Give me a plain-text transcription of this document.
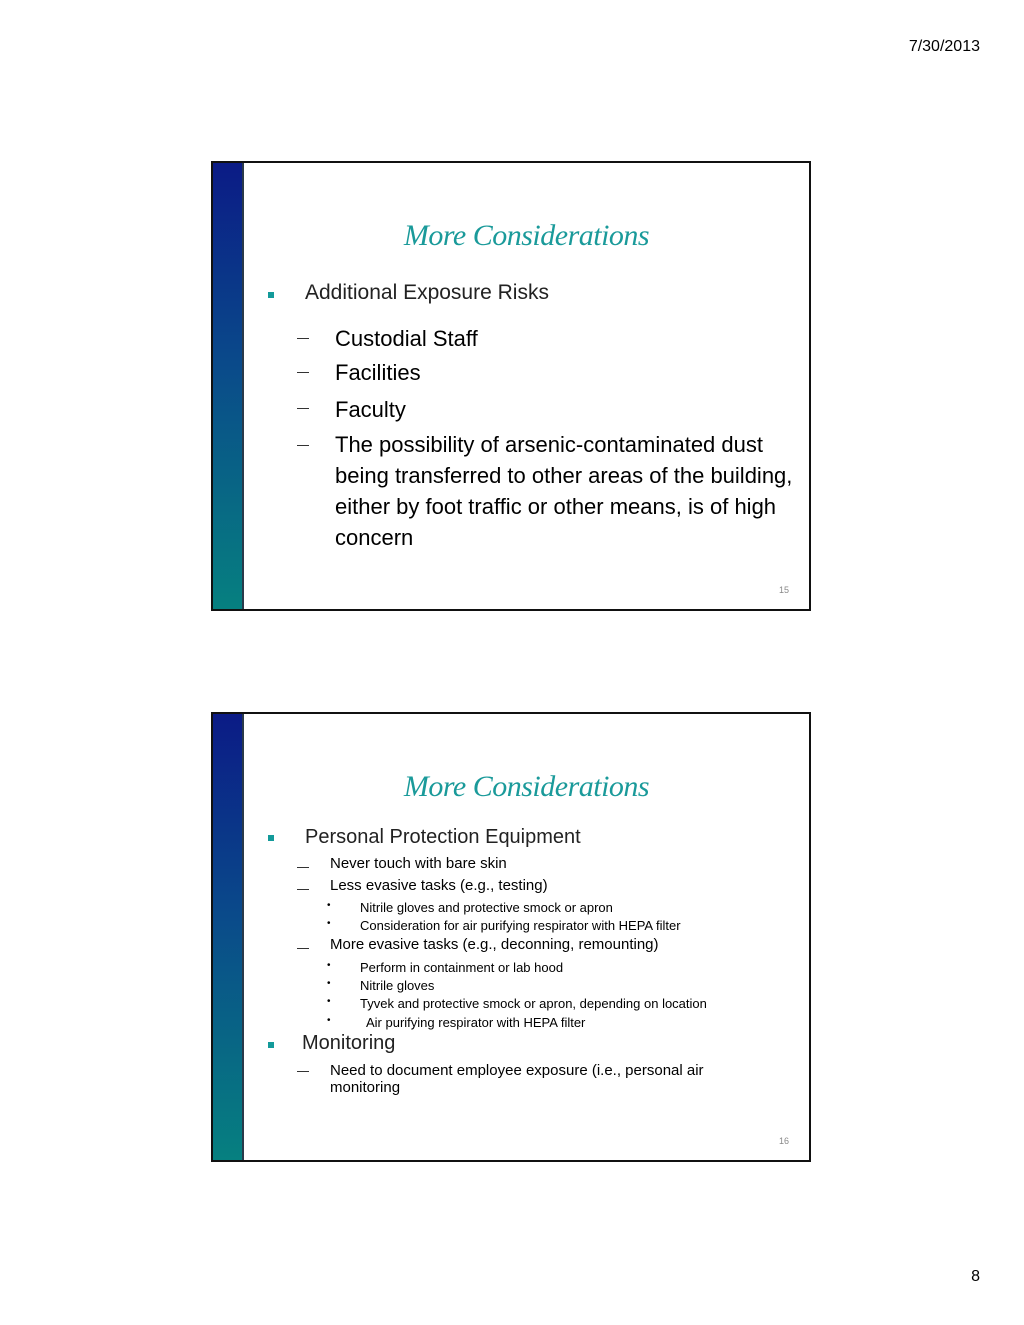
7/30/2013
More Considerations
Additional Exposure Risks
Custodial Staff
Facilities
Faculty
The possibility of arsenic-contaminated dust being transferred to other areas of the building, either by foot traffic or other means, is of high concern
15
More Considerations
Personal Protection Equipment
Never touch with bare skin
Less evasive tasks (e.g., testing)
• Nitrile gloves and protective smock or apron
• Consideration for air purifying respirator with HEPA filter
More evasive tasks (e.g., deconning, remounting)
• Perform in containment or lab hood
• Nitrile gloves
• Tyvek and protective smock or apron, depending on location
•	Air purifying respirator with HEPA filter
Monitoring
Need to document employee exposure (i.e., personal air monitoring
16
8
